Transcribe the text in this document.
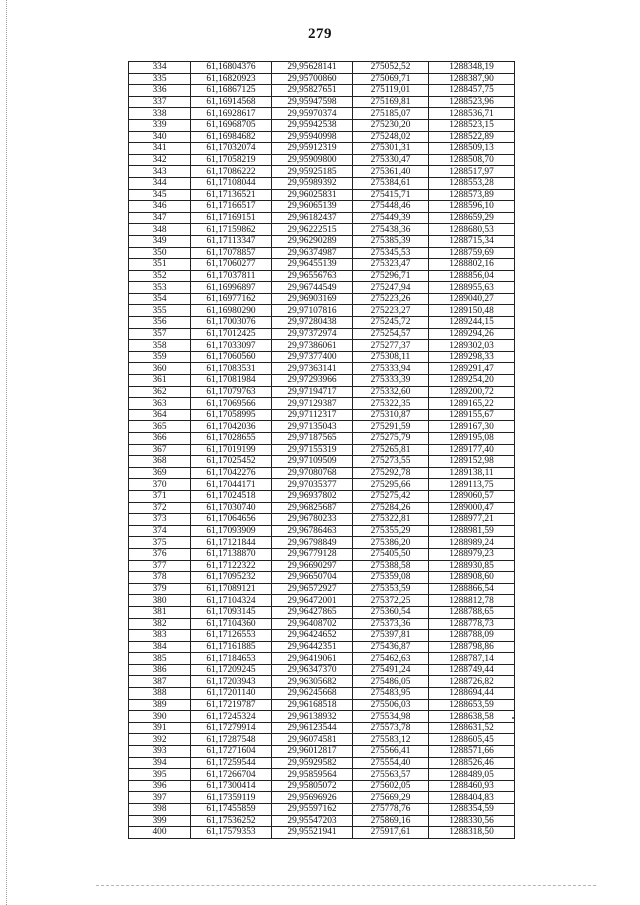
279
334	61,16804376	29,95628141	275052,52	1288348,19
335	61,16820923	29,95700860	275069,71	1288387,90
336	61,16867125	29,95827651	275119,01	1288457,75
337	61,16914568	29,95947598	275169,81	1288523,96
338	61,16928617	29,95970374	275185,07	1288536,71
339	61,16968705	29,95942538	275230,20	1288523,15
340	61,16984682	29,95940998	275248,02	1288522,89
341	61,17032074	29,95912319	275301,31	1288509,13
342	61,17058219	29,95909800	275330,47	1288508,70
343	61,17086222	29,95925185	275361,40	1288517,97
344	61,17108044	29,95989392	275384,61	1288553,28
345	61,17136521	29,96025831	275415,71	1288573,89
346	61,17166517	29,96065139	275448,46	1288596,10
347	61,17169151	29,96182437	275449,39	1288659,29
348	61,17159862	29,96222515	275438,36	1288680,53
349	61,17113347	29,96290289	275385,39	1288715,34
350	61,17078857	29,96374987	275345,53	1288759,69
351	61,17060277	29,96455139	275323,47	1288802,16
352	61,17037811	29,96556763	275296,71	1288856,04
353	61,16996897	29,96744549	275247,94	1288955,63
354	61,16977162	29,96903169	275223,26	1289040,27
355	61,16980290	29,97107816	275223,27	1289150,48
356	61,17003076	29,97280438	275245,72	1289244,15
357	61,17012425	29,97372974	275254,57	1289294,26
358	61,17033097	29,97386061	275277,37	1289302,03
359	61,17060560	29,97377400	275308,11	1289298,33
360	61,17083531	29,97363141	275333,94	1289291,47
361	61,17081984	29,97293966	275333,39	1289254,20
362	61,17079763	29,97194717	275332,60	1289200,72
363	61,17069566	29,97129387	275322,35	1289165,22
364	61,17058995	29,97112317	275310,87	1289155,67
365	61,17042036	29,97135043	275291,59	1289167,30
366	61,17028655	29,97187565	275275,79	1289195,08
367	61,17019199	29,97155319	275265,81	1289177,40
368	61,17025452	29,97109509	275273,55	1289152,98
369	61,17042276	29,97080768	275292,78	1289138,11
370	61,17044171	29,97035377	275295,66	1289113,75
371	61,17024518	29,96937802	275275,42	1289060,57
372	61,17030740	29,96825687	275284,26	1289000,47
373	61,17064656	29,96780233	275322,81	1288977,21
374	61,17093909	29,96786463	275355,29	1288981,59
375	61,17121844	29,96798849	275386,20	1288989,24
376	61,17138870	29,96779128	275405,50	1288979,23
377	61,17122322	29,96690297	275388,58	1288930,85
378	61,17095232	29,96650704	275359,08	1288908,60
379	61,17089121	29,96572927	275353,59	1288866,54
380	61,17104324	29,96472001	275372,25	1288812,78
381	61,17093145	29,96427865	275360,54	1288788,65
382	61,17104360	29,96408702	275373,36	1288778,73
383	61,17126553	29,96424652	275397,81	1288788,09
384	61,17161885	29,96442351	275436,87	1288798,86
385	61,17184653	29,96419061	275462,63	1288787,14
386	61,17209245	29,96347370	275491,24	1288749,44
387	61,17203943	29,96305682	275486,05	1288726,82
388	61,17201140	29,96245668	275483,95	1288694,44
389	61,17219787	29,96168518	275506,03	1288653,59
390	61,17245324	29,96138932	275534,98	1288638,58
391	61,17279914	29,96123544	275573,78	1288631,52
392	61,17287548	29,96074581	275583,12	1288605,45
393	61,17271604	29,96012817	275566,41	1288571,66
394	61,17259544	29,95929582	275554,40	1288526,46
395	61,17266704	29,95859564	275563,57	1288489,05
396	61,17300414	29,95805072	275602,05	1288460,93
397	61,17359119	29,95696926	275669,29	1288404,83
398	61,17455859	29,95597162	275778,76	1288354,59
399	61,17536252	29,95547203	275869,16	1288330,56
400	61,17579353	29,95521941	275917,61	1288318,50
